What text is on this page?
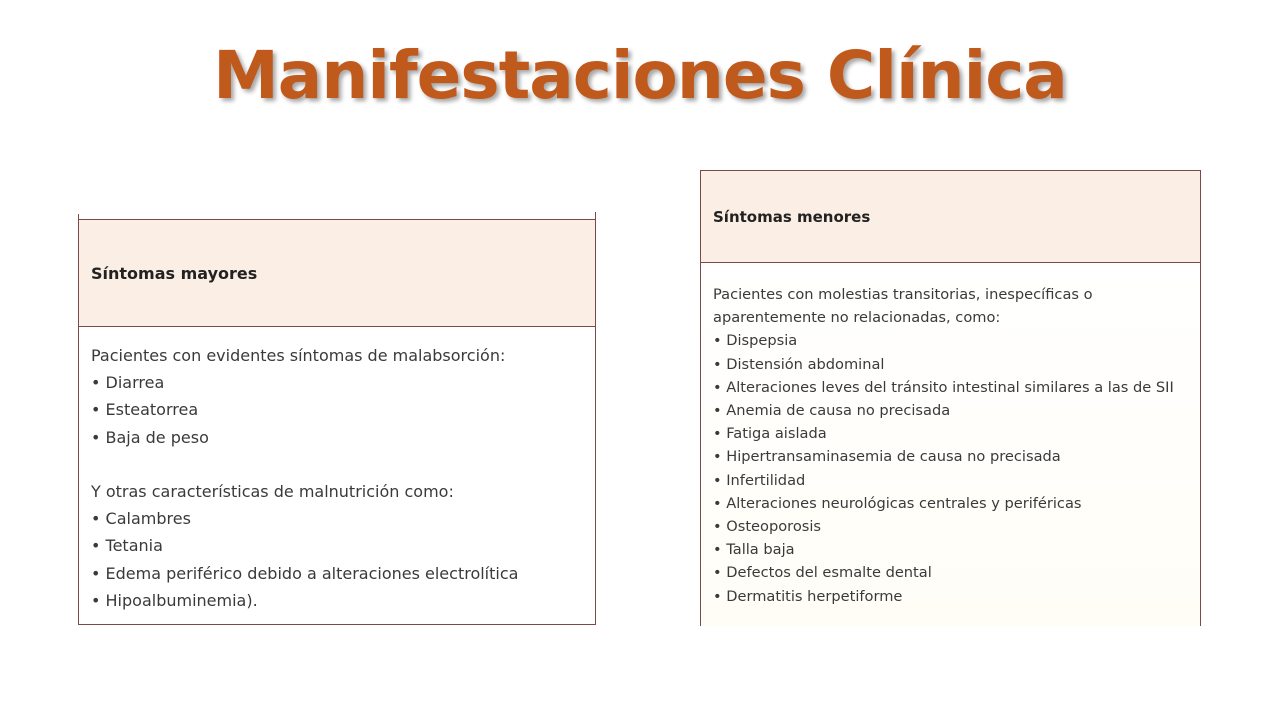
Manifestaciones Clínica
Síntomas mayores
Pacientes con evidentes síntomas de malabsorción:
• Diarrea
• Esteatorrea
• Baja de peso
Y otras características de malnutrición como:
• Calambres
• Tetania
• Edema periférico debido a alteraciones electrolítica
• Hipoalbuminemia).
Síntomas menores
Pacientes con molestias transitorias, inespecíficas o
aparentemente no relacionadas, como:
• Dispepsia
• Distensión abdominal
• Alteraciones leves del tránsito intestinal similares a las de SII
• Anemia de causa no precisada
• Fatiga aislada
• Hipertransaminasemia de causa no precisada
• Infertilidad
• Alteraciones neurológicas centrales y periféricas
• Osteoporosis
• Talla baja
• Defectos del esmalte dental
• Dermatitis herpetiforme
